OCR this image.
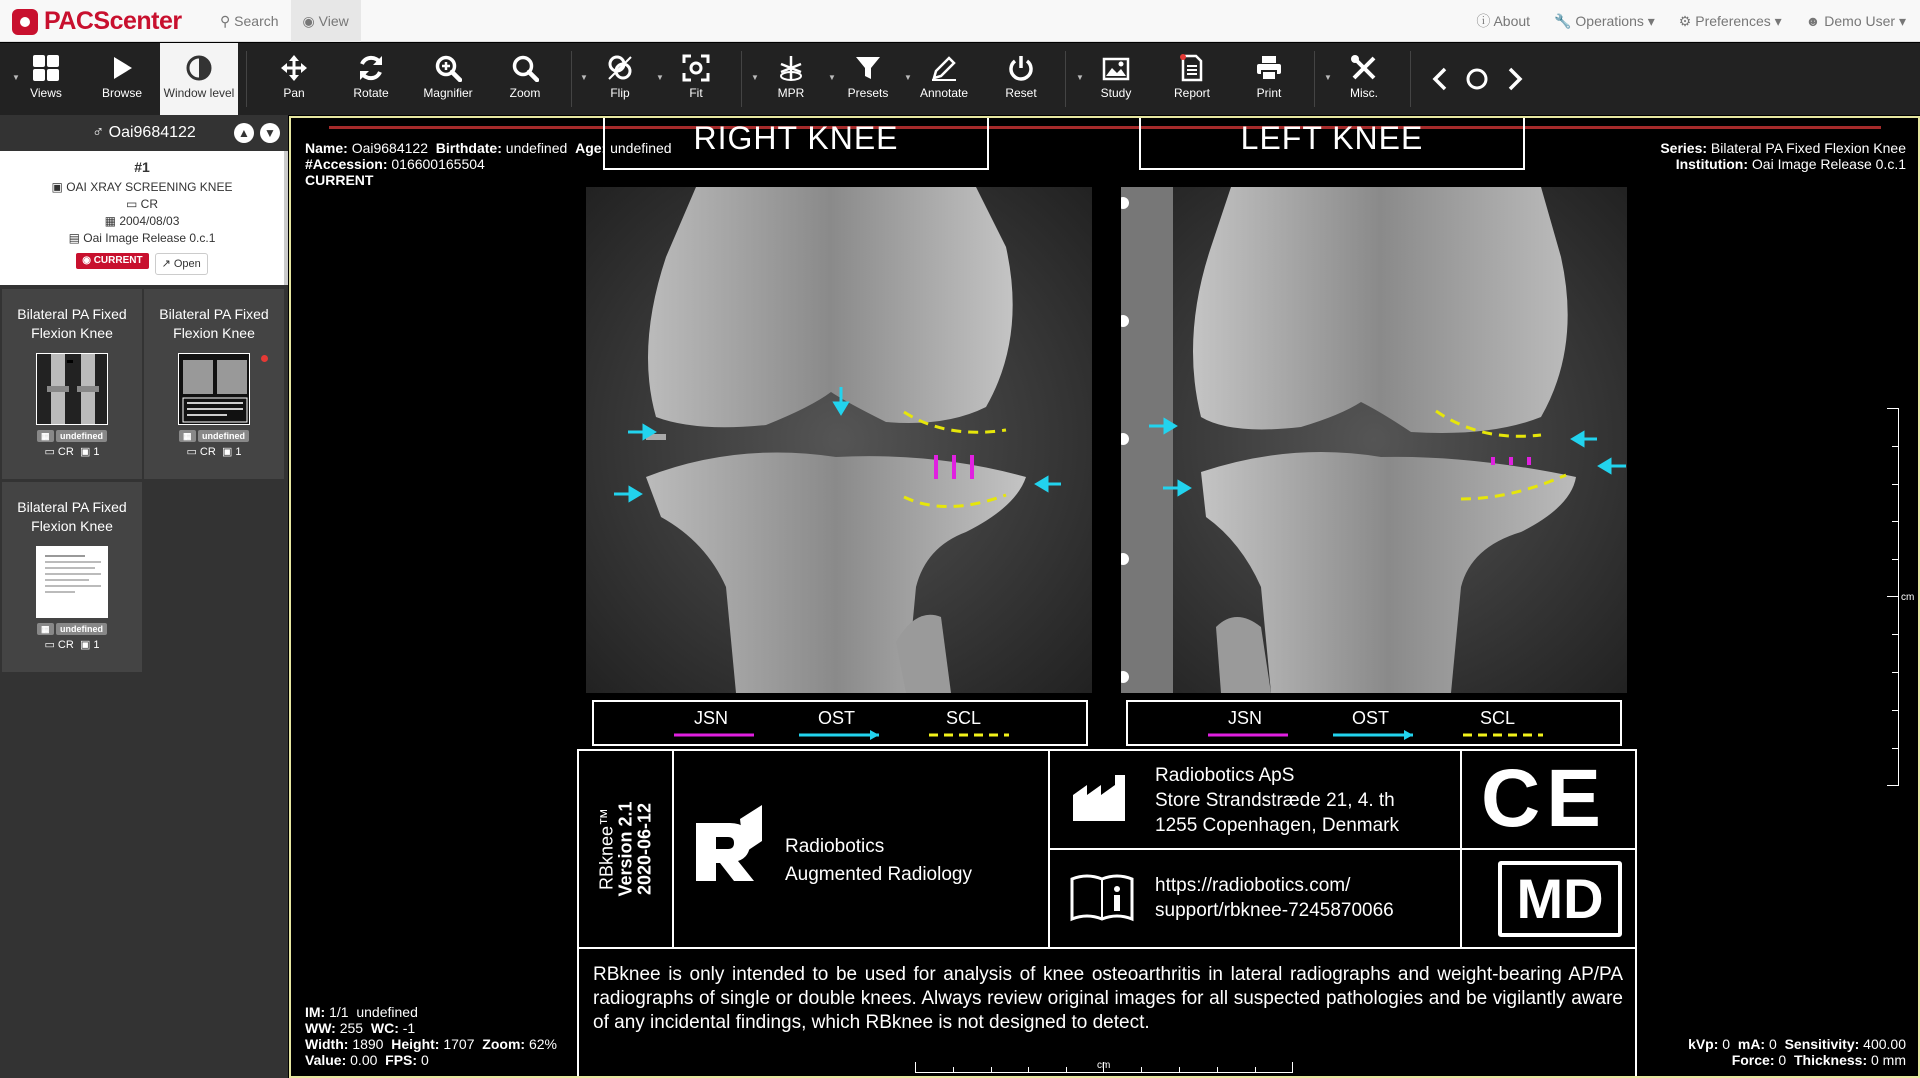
PACScenter	⚲ Search	◉ View	ⓘ About 🔧 Operations ▾ ⚙ Preferences ▾ ☻ Demo User ▾
▼
Views	Browse	Window level	Pan	Rotate	Magnifier	Zoom
▼
Flip
▼
Fit
▼
MPR
▼
Presets
▼
Annotate	Reset
▼
Study	Report	Print
▼
Misc.
♂ Oai9684122	▲	▼
#1
▣ OAI XRAY SCREENING KNEE
▭ CR
▦ 2004/08/03
▤ Oai Image Release 0.c.1
◉ CURRENT	↗ Open
Bilateral PA Fixed Flexion Knee
▦ undefined
▭ CR ▣ 1
Bilateral PA Fixed Flexion Knee
▦ undefined
▭ CR ▣ 1
Bilateral PA Fixed Flexion Knee
▦ undefined
▭ CR ▣ 1
Name: Oai9684122 Birthdate: undefined Age: undefined
#Accession: 016600165504
CURRENT
Series: Bilateral PA Fixed Flexion Knee
Institution: Oai Image Release 0.c.1
IM: 1/1 undefined
WW: 255 WC: -1
Width: 1890 Height: 1707 Zoom: 62%
Value: 0.00 FPS: 0
kVp: 0 mA: 0 Sensitivity: 400.00
Force: 0 Thickness: 0 mm
RIGHT KNEE	LEFT KNEE
JSN	OST	SCL	JSN	OST	SCL
RBknee™ Version 2.1 2020-06-12	Radiobotics
Augmented Radiology
Radiobotics ApS
Store Strandstræde 21, 4. th
1255 Copenhagen, Denmark
https://radiobotics.com/
support/rbknee-7245870066
CE
MD
RBknee is only intended to be used for analysis of knee osteoarthritis in lateral radiographs and weight-bearing AP/PA radiographs of single or double knees. Always review original images for all suspected pathologies and be vigilantly aware of any incidental findings, which RBknee is not designed to detect.
cm
cm
